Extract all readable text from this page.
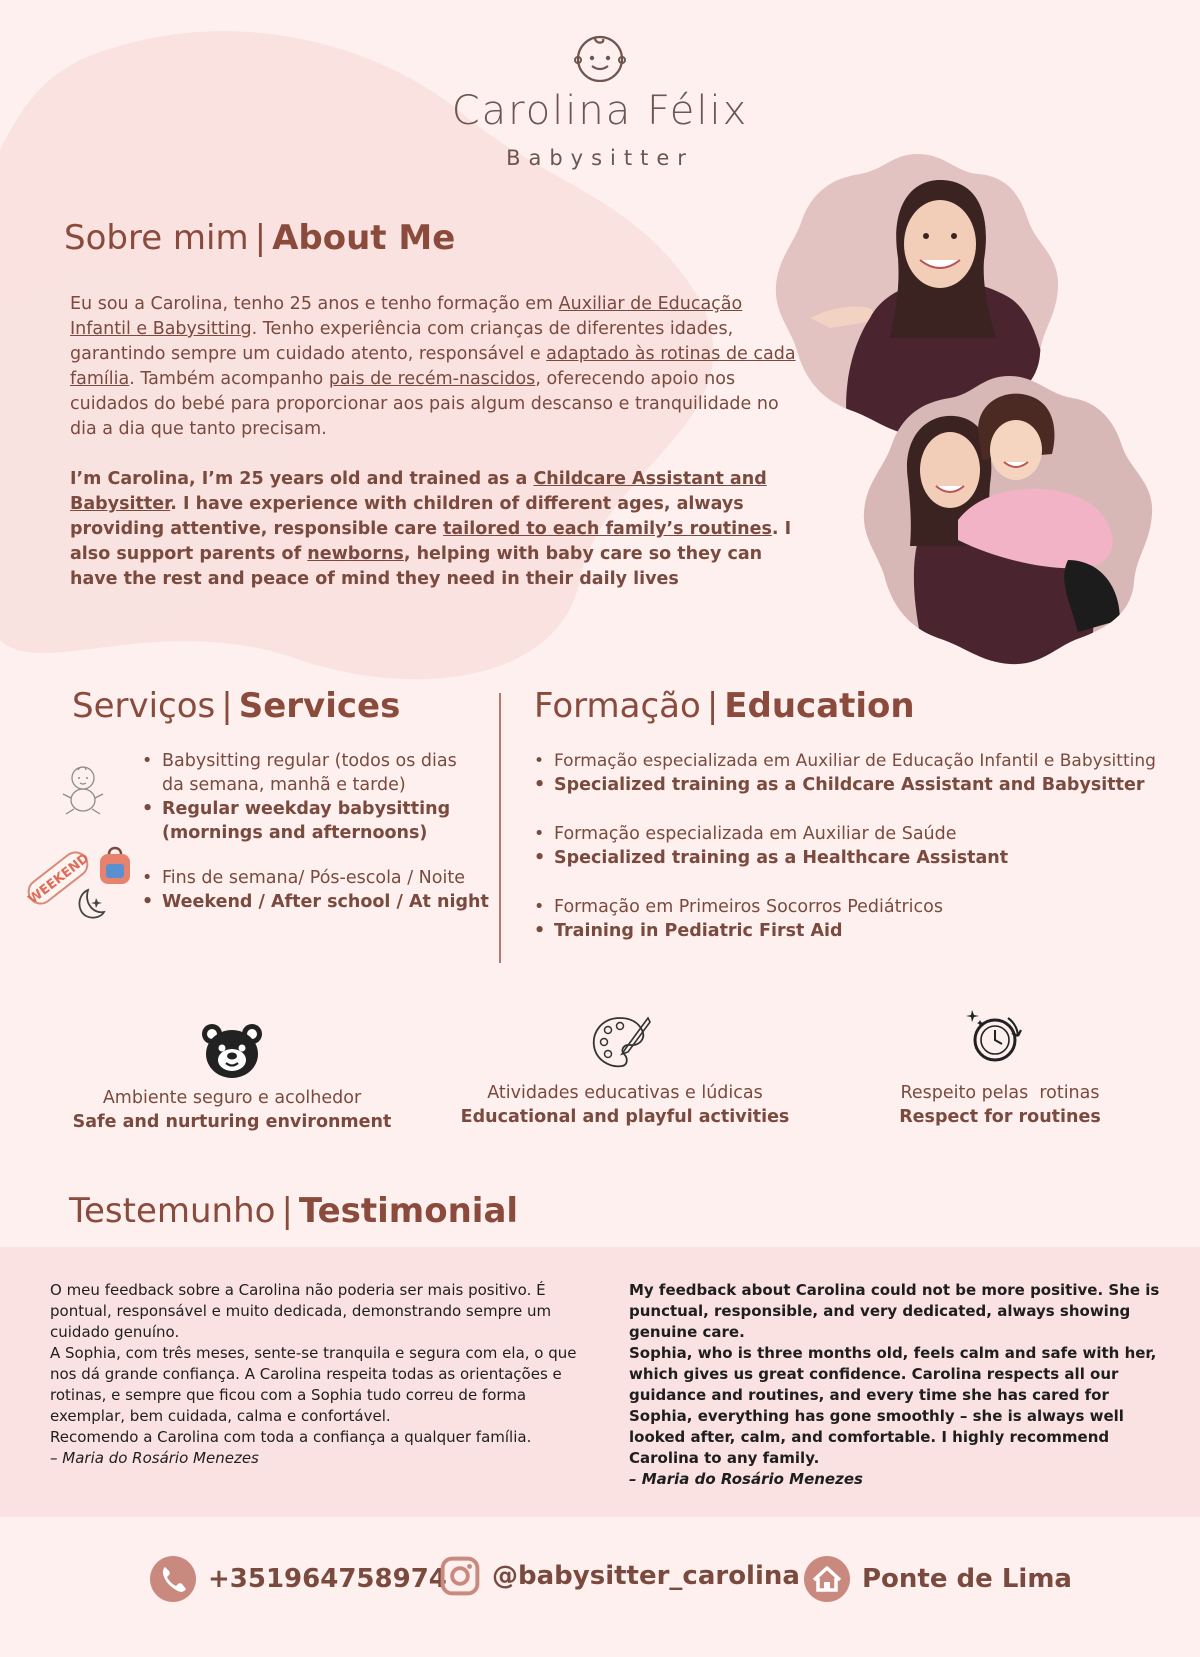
Carolina Félix
Babysitter
Sobre mim | About Me

Eu sou a Carolina, tenho 25 anos e tenho formação em Auxiliar de Educação Infantil e Babysitting. Tenho experiência com crianças de diferentes idades, garantindo sempre um cuidado atento, responsável e adaptado às rotinas de cada família. Também acompanho pais de recém-nascidos, oferecendo apoio nos cuidados do bebé para proporcionar aos pais algum descanso e tranquilidade no dia a dia que tanto precisam.

I’m Carolina, I’m 25 years old and trained as a Childcare Assistant and Babysitter. I have experience with children of different ages, always providing attentive, responsible care tailored to each family’s routines. I also support parents of newborns, helping with baby care so they can have the rest and peace of mind they need in their daily lives

Serviços | Services
WEEKEND
• Babysitting regular (todos os dias da semana, manhã e tarde)
• Regular weekday babysitting (mornings and afternoons)
• Fins de semana/ Pós-escola / Noite
• Weekend / After school / At night
Formação | Education
• Formação especializada em Auxiliar de Educação Infantil e Babysitting
• Specialized training as a Childcare Assistant and Babysitter
• Formação especializada em Auxiliar de Saúde
• Specialized training as a Healthcare Assistant
• Formação em Primeiros Socorros Pediátricos
• Training in Pediatric First Aid
Ambiente seguro e acolhedor
Safe and nurturing environment
Atividades educativas e lúdicas
Educational and playful activities
Respeito pelas  rotinas
Respect for routines
Testemunho | Testimonial
O meu feedback sobre a Carolina não poderia ser mais positivo. É pontual, responsável e muito dedicada, demonstrando sempre um cuidado genuíno.
A Sophia, com três meses, sente-se tranquila e segura com ela, o que nos dá grande confiança. A Carolina respeita todas as orientações e rotinas, e sempre que ficou com a Sophia tudo correu de forma exemplar, bem cuidada, calma e confortável.
Recomendo a Carolina com toda a confiança a qualquer família.
– Maria do Rosário Menezes
My feedback about Carolina could not be more positive. She is punctual, responsible, and very dedicated, always showing genuine care.
Sophia, who is three months old, feels calm and safe with her, which gives us great confidence. Carolina respects all our guidance and routines, and every time she has cared for Sophia, everything has gone smoothly – she is always well looked after, calm, and comfortable. I highly recommend Carolina to any family.
– Maria do Rosário Menezes
+351964758974 @babysitter_carolina Ponte de Lima
